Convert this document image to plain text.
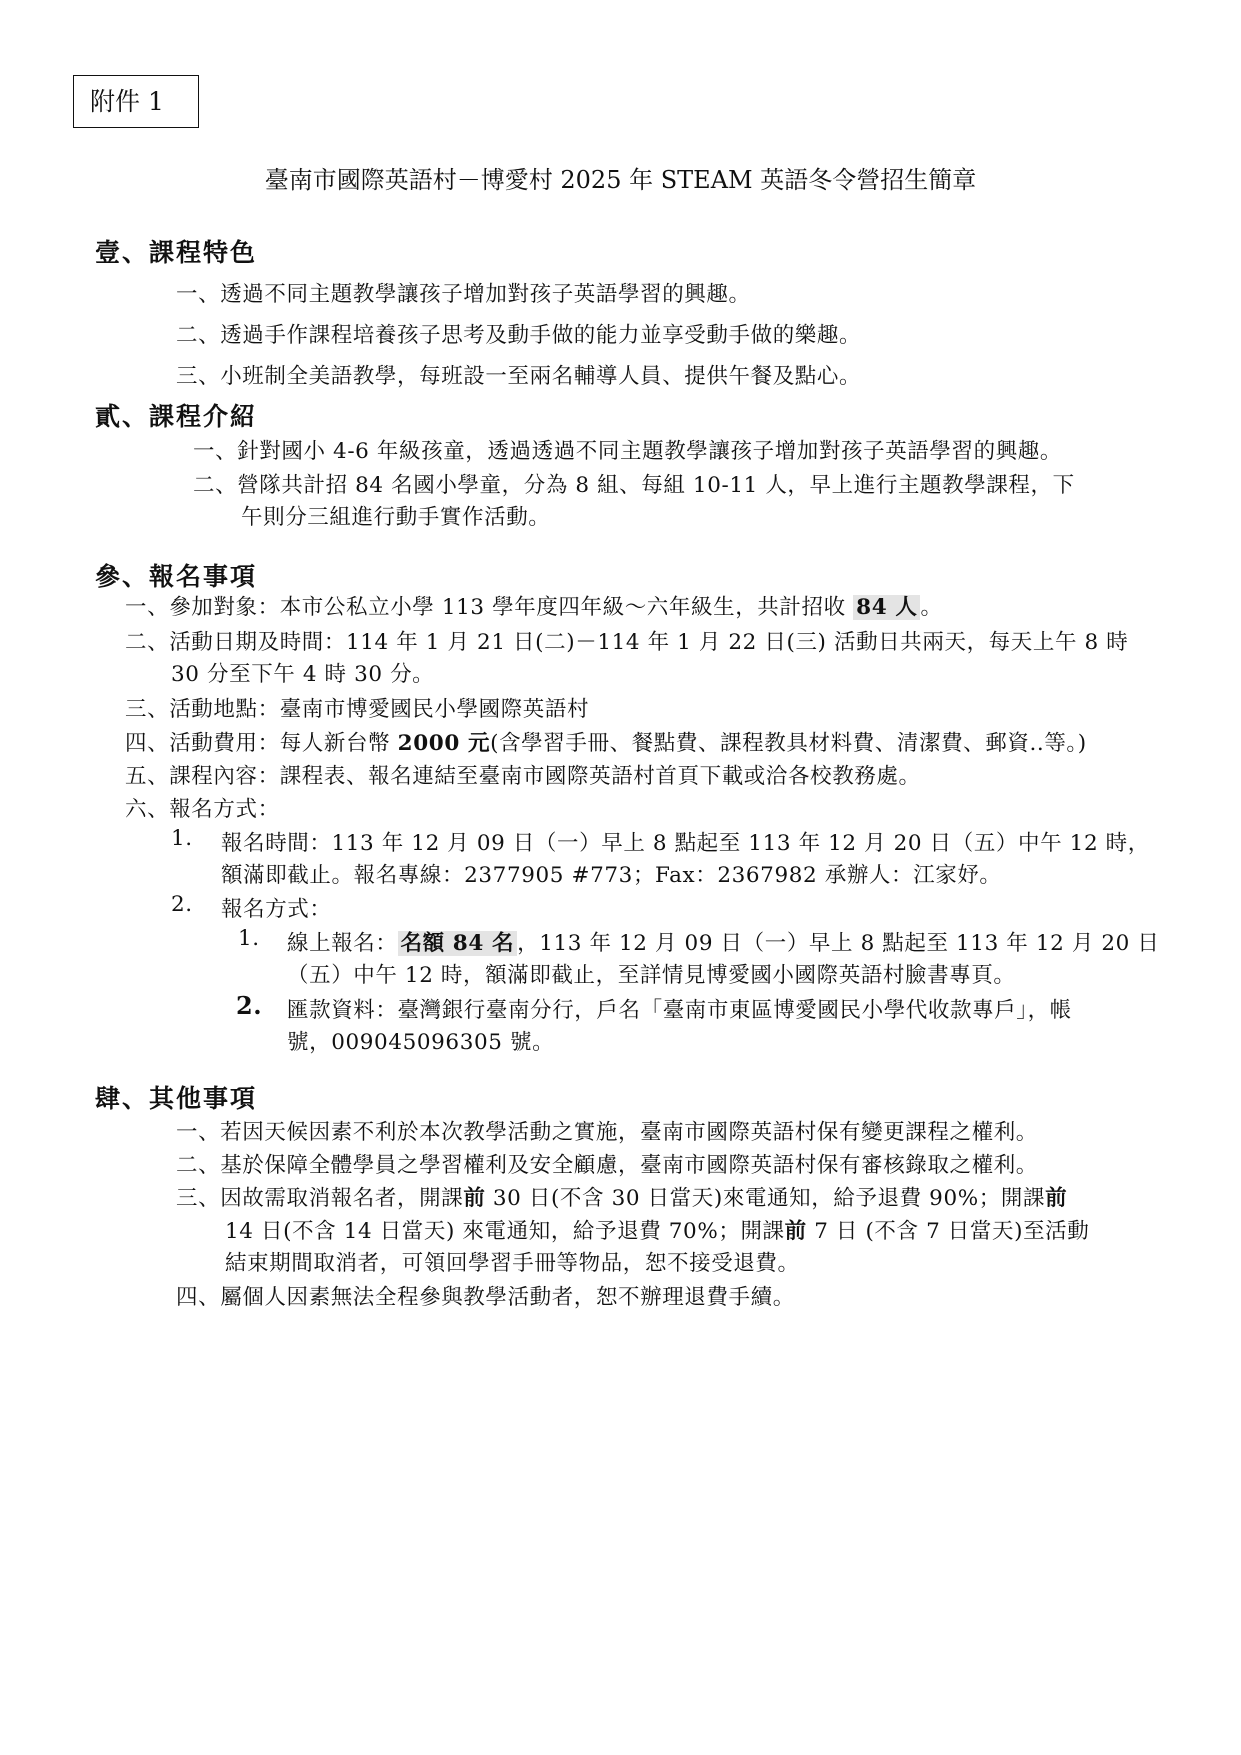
附件 1
臺南市國際英語村－博愛村 2025 年 STEAM 英語冬令營招生簡章
壹、課程特色
一、透過不同主題教學讓孩子增加對孩子英語學習的興趣。
二、透過手作課程培養孩子思考及動手做的能力並享受動手做的樂趣。
三、小班制全美語教學，每班設一至兩名輔導人員、提供午餐及點心。
貳、課程介紹
一、針對國小 4-6 年級孩童，透過透過不同主題教學讓孩子增加對孩子英語學習的興趣。
二、營隊共計招 84 名國小學童，分為 8 組、每組 10-11 人，早上進行主題教學課程，下
午則分三組進行動手實作活動。
參、報名事項
一、參加對象：本市公私立小學 113 學年度四年級～六年級生，共計招收 84 人 。
二、活動日期及時間：114 年 1 月 21 日(二)－114 年 1 月 22 日(三) 活動日共兩天，每天上午 8 時
30 分至下午 4 時 30 分。
三、活動地點：臺南市博愛國民小學國際英語村
四、活動費用：每人新台幣 2000 元(含學習手冊、餐點費、課程教具材料費、清潔費、郵資..等。)
五、課程內容：課程表、報名連結至臺南市國際英語村首頁下載或洽各校教務處。
六、報名方式：
1. 報名時間：113 年 12 月 09 日（一）早上 8 點起至 113 年 12 月 20 日（五）中午 12 時，
額滿即截止。報名專線：2377905 #773；Fax：2367982 承辦人：江家妤。
2. 報名方式：
1. 線上報名： 名額 84 名 ，113 年 12 月 09 日（一）早上 8 點起至 113 年 12 月 20 日
（五）中午 12 時，額滿即截止，至詳情見博愛國小國際英語村臉書專頁。
2. 匯款資料：臺灣銀行臺南分行，戶名「臺南市東區博愛國民小學代收款專戶」，帳
號，009045096305 號。
肆、其他事項
一、若因天候因素不利於本次教學活動之實施，臺南市國際英語村保有變更課程之權利。
二、基於保障全體學員之學習權利及安全顧慮，臺南市國際英語村保有審核錄取之權利。
三、因故需取消報名者，開課前 30 日(不含 30 日當天)來電通知，給予退費 90%；開課前
14 日(不含 14 日當天) 來電通知，給予退費 70%；開課前 7 日 (不含 7 日當天)至活動
結束期間取消者，可領回學習手冊等物品，恕不接受退費。
四、屬個人因素無法全程參與教學活動者，恕不辦理退費手續。
